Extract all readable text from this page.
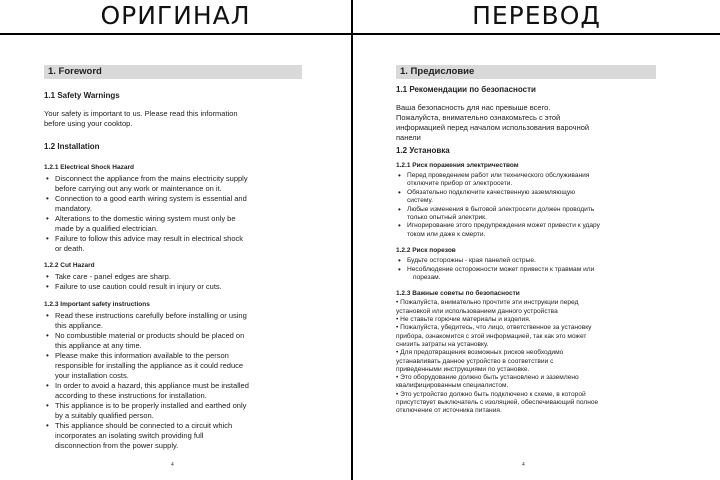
ОРИГИНАЛ	ПЕРЕВОД
1. Foreword
1.1 Safety Warnings
Your safety is important to us. Please read this information
before using your cooktop.
1.2 Installation
1.2.1 Electrical Shock Hazard
• Disconnect the appliance from the mains electricity supply
before carrying out any work or maintenance on it.
• Connection to a good earth wiring system is essential and
mandatory.
• Alterations to the domestic wiring system must only be
made by a qualified electrician.
• Failure to follow this advice may result in electrical shock
or death.
1.2.2 Cut Hazard
• Take care - panel edges are sharp.
• Failure to use caution could result in injury or cuts.
1.2.3 Important safety instructions
• Read these instructions carefully before installing or using
this appliance.
• No combustible material or products should be placed on
this appliance at any time.
• Please make this information available to the person
responsible for installing the appliance as it could reduce
your installation costs.
• In order to avoid a hazard, this appliance must be installed
according to these instructions for installation.
• This appliance is to be properly installed and earthed only
by a suitably qualified person.
• This appliance should be connected to a circuit which
incorporates an isolating switch providing full
disconnection from the power supply.
4
1. Предисловие
1.1 Рекомендации по безопасности
Ваша безопасность для нас превыше всего.
Пожалуйста, внимательно ознакомьтесь с этой
информацией перед началом использования варочной
панели
1.2 Установка
1.2.1 Риск поражения электричеством
• Перед проведением работ или технического обслуживания
отключите прибор от электросети.
• Обязательно подключите качественную заземляющую
систему.
• Любые изменения в бытовой электросети должен проводить
только опытный электрик.
• Игнорирование этого предупреждения может привести к удару
током или даже к смерти.
1.2.2 Риск порезов
• Будьте осторожны - края панелей острые.
• Несоблюдение осторожности может привести к травмам или
порезам.
1.2.3 Важные советы по безопасности
• Пожалуйста, внимательно прочтите эти инструкции перед
установкой или использованием данного устройства
• Не ставьте горючие материалы и изделия.
• Пожалуйста, убедитесь, что лицо, ответственное за установку
прибора, ознакомится с этой информацией, так как это может
снизить затраты на установку.
• Для предотвращения возможных рисков необходимо
устанавливать данное устройство в соответствии с
приведенными инструкциями по установке.
• Это оборудование должно быть установлено и заземлено
квалифицированным специалистом.
• Это устройство должно быть подключено к схеме, в которой
присутствует выключатель с изоляцией, обеспечивающий полное
отключение от источника питания.
4
